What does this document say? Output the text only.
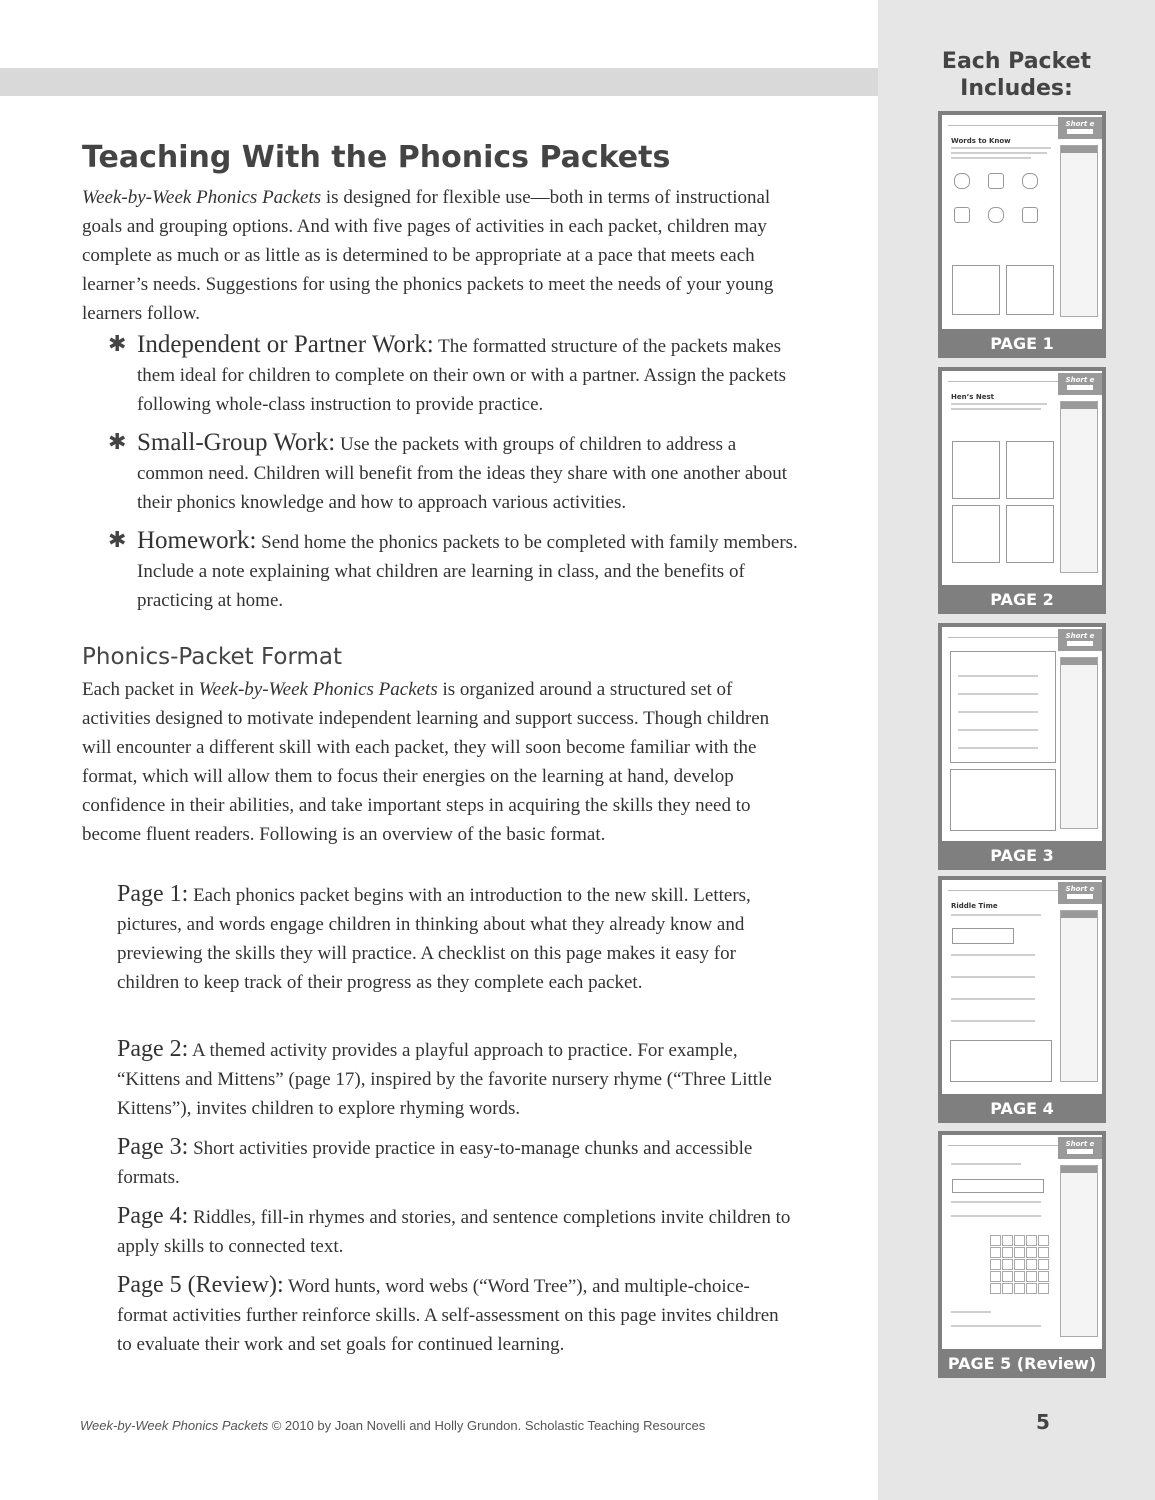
Teaching With the Phonics Packets

Week-by-Week Phonics Packets is designed for flexible use—both in terms of instructional goals and grouping options. And with five pages of activities in each packet, children may complete as much or as little as is determined to be appropriate at a pace that meets each learner’s needs. Suggestions for using the phonics packets to meet the needs of your young learners follow.

✱ Independent or Partner Work: The formatted structure of the packets makes them ideal for children to complete on their own or with a partner. Assign the packets following whole-class instruction to provide practice.

✱ Small-Group Work: Use the packets with groups of children to address a common need. Children will benefit from the ideas they share with one another about their phonics knowledge and how to approach various activities.

✱ Homework: Send home the phonics packets to be completed with family members. Include a note explaining what children are learning in class, and the benefits of practicing at home.

Phonics-Packet Format

Each packet in Week-by-Week Phonics Packets is organized around a structured set of activities designed to motivate independent learning and support success. Though children will encounter a different skill with each packet, they will soon become familiar with the format, which will allow them to focus their energies on the learning at hand, develop confidence in their abilities, and take important steps in acquiring the skills they need to become fluent readers. Following is an overview of the basic format.

Page 1: Each phonics packet begins with an introduction to the new skill. Letters, pictures, and words engage children in thinking about what they already know and previewing the skills they will practice. A checklist on this page makes it easy for children to keep track of their progress as they complete each packet.

Page 2: A themed activity provides a playful approach to practice. For example, “Kittens and Mittens” (page 17), inspired by the favorite nursery rhyme (“Three Little Kittens”), invites children to explore rhyming words.

Page 3: Short activities provide practice in easy-to-manage chunks and accessible formats.

Page 4: Riddles, fill-in rhymes and stories, and sentence completions invite children to apply skills to connected text.

Page 5 (Review): Word hunts, word webs (“Word Tree”), and multiple-choice-format activities further reinforce skills. A self-assessment on this page invites children to evaluate their work and set goals for continued learning.

Each Packet
Includes:
Short e
Words to Know
PAGE 1
Short e
Hen’s Nest
PAGE 2
Short e
PAGE 3
Short e
Riddle Time
PAGE 4
Short e
PAGE 5 (Review)
Week-by-Week Phonics Packets © 2010 by Joan Novelli and Holly Grundon. Scholastic Teaching Resources	5
